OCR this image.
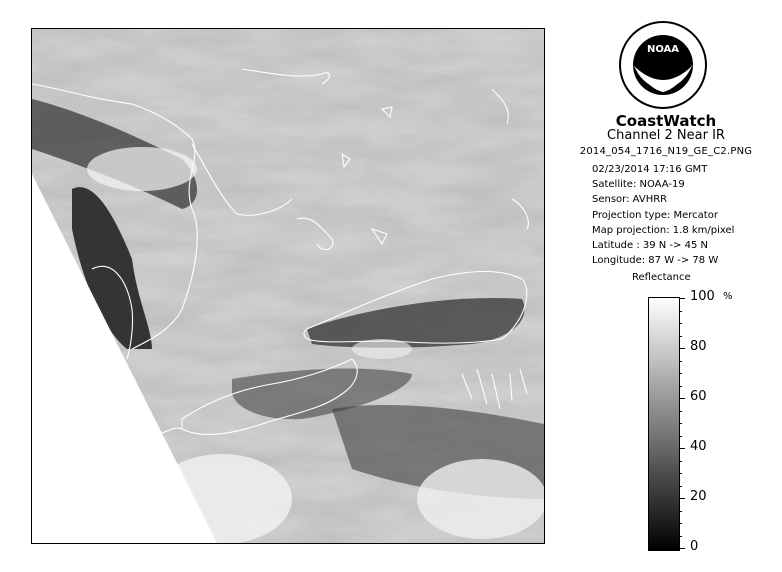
NOAA
CoastWatch
Channel 2 Near IR
2014_054_1716_N19_GE_C2.PNG
02/23/2014 17:16 GMT
Satellite: NOAA-19
Sensor: AVHRR
Projection type: Mercator
Map projection: 1.8 km/pixel
Latitude : 39 N -> 45 N
Longitude: 87 W -> 78 W
Reflectance
%
100
80
60
40
20
0
